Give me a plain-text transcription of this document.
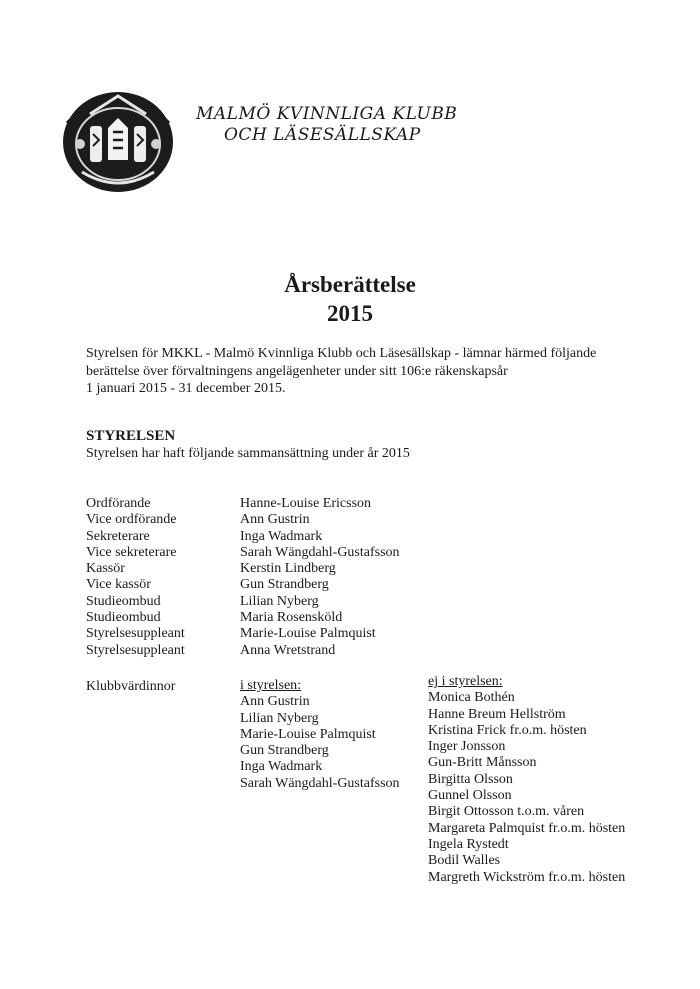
MALMÖ KVINNLIGA KLUBB
OCH LÄSESÄLLSKAP
Årsberättelse
2015
Styrelsen för MKKL - Malmö Kvinnliga Klubb och Läsesällskap - lämnar härmed följande
berättelse över förvaltningens angelägenheter under sitt 106:e räkenskapsår
1 januari 2015 - 31 december 2015.
STYRELSEN
Styrelsen har haft följande sammansättning under år 2015
Ordförande
Vice ordförande
Sekreterare
Vice sekreterare
Kassör
Vice kassör
Studieombud
Studieombud
Styrelsesuppleant
Styrelsesuppleant
Hanne-Louise Ericsson
Ann Gustrin
Inga Wadmark
Sarah Wängdahl-Gustafsson
Kerstin Lindberg
Gun Strandberg
Lilian Nyberg
Maria Rosensköld
Marie-Louise Palmquist
Anna Wretstrand
Klubbvärdinnor	i styrelsen:
Ann Gustrin
Lilian Nyberg
Marie-Louise Palmquist
Gun Strandberg
Inga Wadmark
Sarah Wängdahl-Gustafsson
ej i styrelsen:
Monica Bothén
Hanne Breum Hellström
Kristina Frick fr.o.m. hösten
Inger Jonsson
Gun-Britt Månsson
Birgitta Olsson
Gunnel Olsson
Birgit Ottosson t.o.m. våren
Margareta Palmquist fr.o.m. hösten
Ingela Rystedt
Bodil Walles
Margreth Wickström fr.o.m. hösten
